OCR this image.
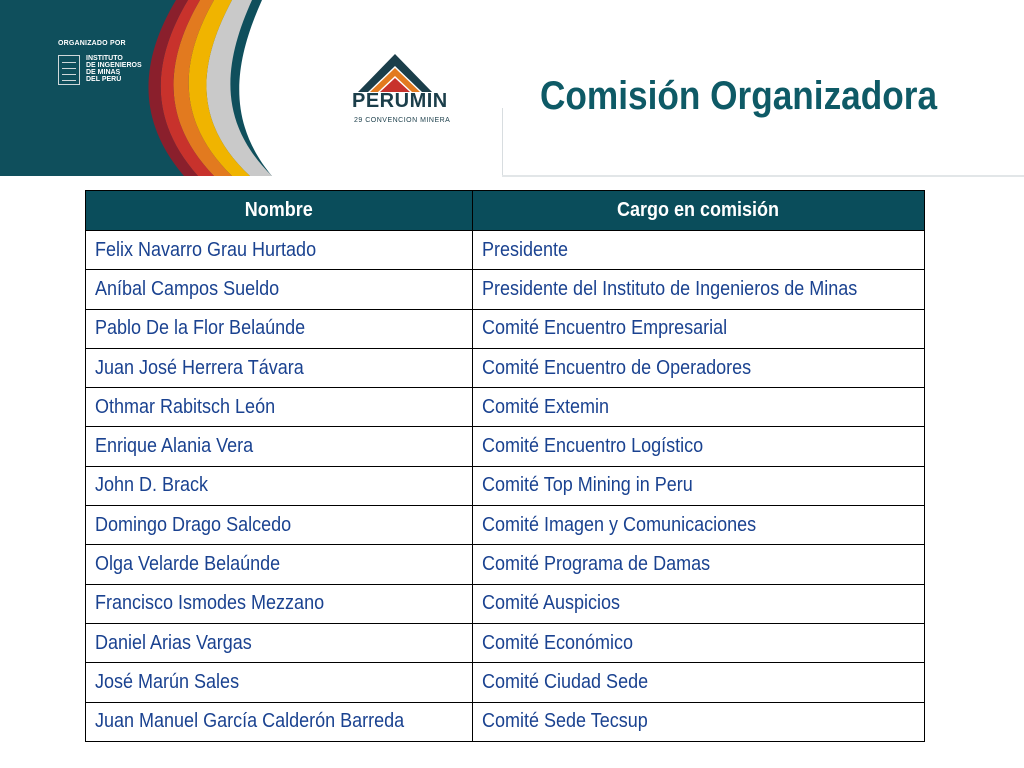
ORGANIZADO POR
INSTITUTO
DE INGENIEROS
DE MINAS
DEL PERÚ
PERUMIN
29 CONVENCION MINERA
Comisión Organizadora
Nombre	Cargo en comisión
Felix Navarro Grau Hurtado	Presidente
Aníbal Campos Sueldo	Presidente del Instituto de Ingenieros de Minas
Pablo De la Flor Belaúnde	Comité Encuentro Empresarial
Juan José Herrera Távara	Comité Encuentro de Operadores
Othmar Rabitsch León	Comité Extemin
Enrique Alania Vera	Comité Encuentro Logístico
John D. Brack	Comité Top Mining in Peru
Domingo Drago Salcedo	Comité Imagen y Comunicaciones
Olga Velarde Belaúnde	Comité Programa de Damas
Francisco Ismodes Mezzano	Comité Auspicios
Daniel Arias Vargas	Comité Económico
José Marún Sales	Comité Ciudad Sede
Juan Manuel García Calderón Barreda	Comité Sede Tecsup
